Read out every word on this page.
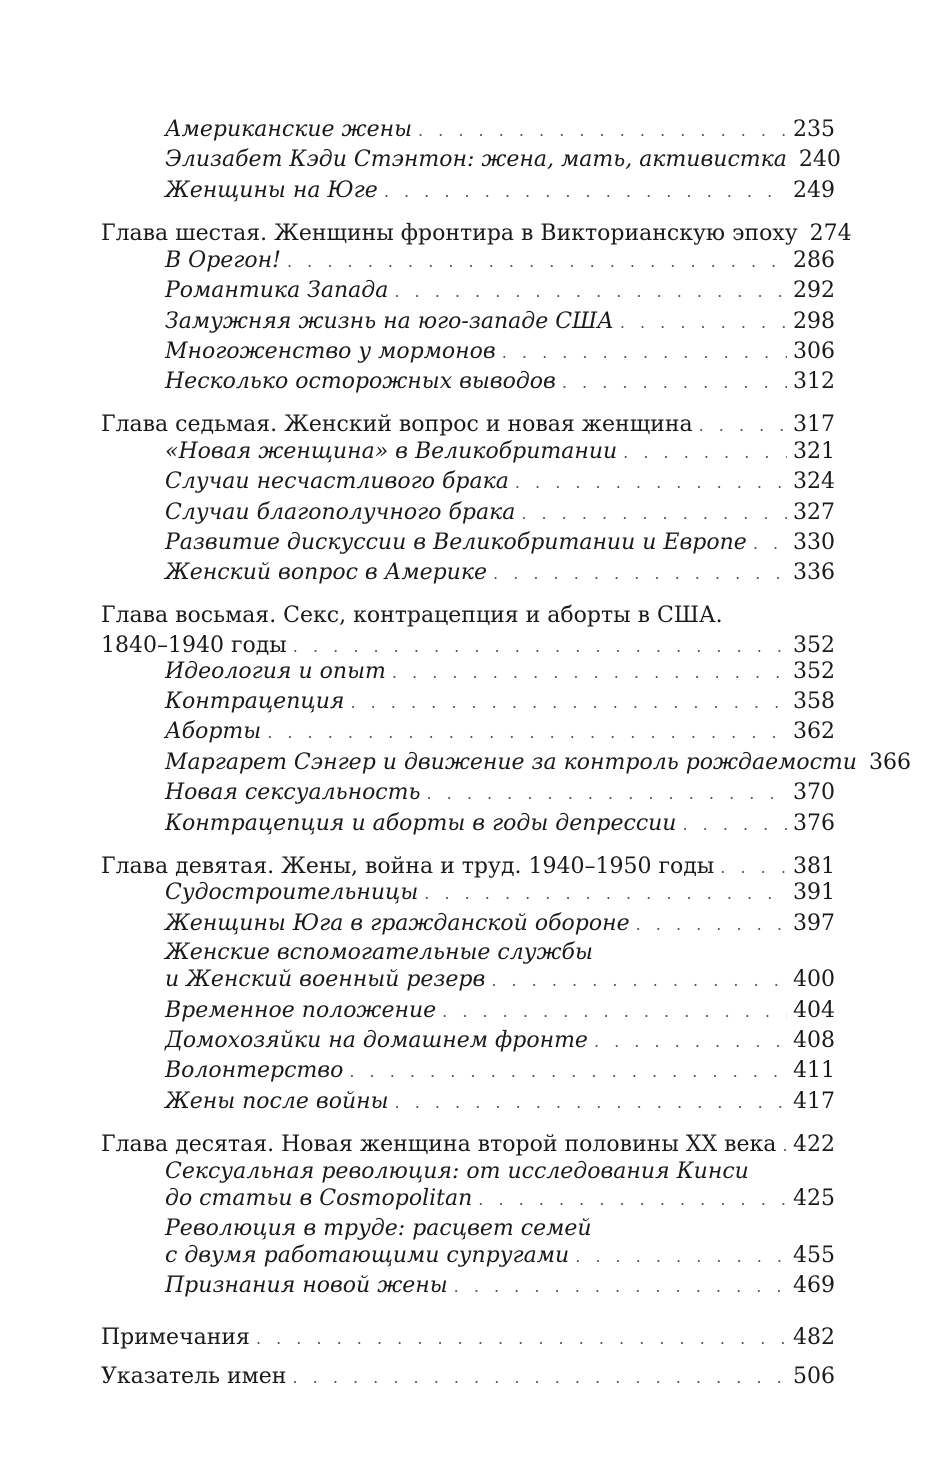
Американские жены . . .	235
Элизабет Кэди Стэнтон: жена, мать, активистка 240
Женщины на Юге . . .	249
Глава шестая. Женщины фронтира в Викторианскую эпоху 274
В Орегон! . . .	286
Романтика Запада . . .	292
Замужняя жизнь на юго-западе США . . .	298
Многоженство у мормонов . . .	306
Несколько осторожных выводов . . .	312
Глава седьмая. Женский вопрос и новая женщина . . .	317
«Новая женщина» в Великобритании . . .	321
Случаи несчастливого брака . . .	324
Случаи благополучного брака . . .	327
Развитие дискуссии в Великобритании и Европе . . . 330
Женский вопрос в Америке . . .	336
Глава восьмая. Секс, контрацепция и аборты в США.
1840–1940 годы . . .	352
Идеология и опыт . . .	352
Контрацепция . . .	358
Аборты . . .	362
Маргарет Сэнгер и движение за контроль рождаемости 366
Новая сексуальность . . .	370
Контрацепция и аборты в годы депрессии . . .	376
Глава девятая. Жены, война и труд. 1940–1950 годы . . .	381
Судостроительницы . . .	391
Женщины Юга в гражданской обороне . . .	397
Женские вспомогательные службы
и Женский военный резерв . . .	400
Временное положение . . .	404
Домохозяйки на домашнем фронте . . .	408
Волонтерство . . .	411
Жены после войны . . .	417
Глава десятая. Новая женщина второй половины XX века . . . 422
Сексуальная революция: от исследования Кинси
до статьи в Cosmopolitan . . .	425
Революция в труде: расцвет семей
с двумя работающими супругами . . .	455
Признания новой жены . . .	469
Примечания . . .	482
Указатель имен . . .	506
